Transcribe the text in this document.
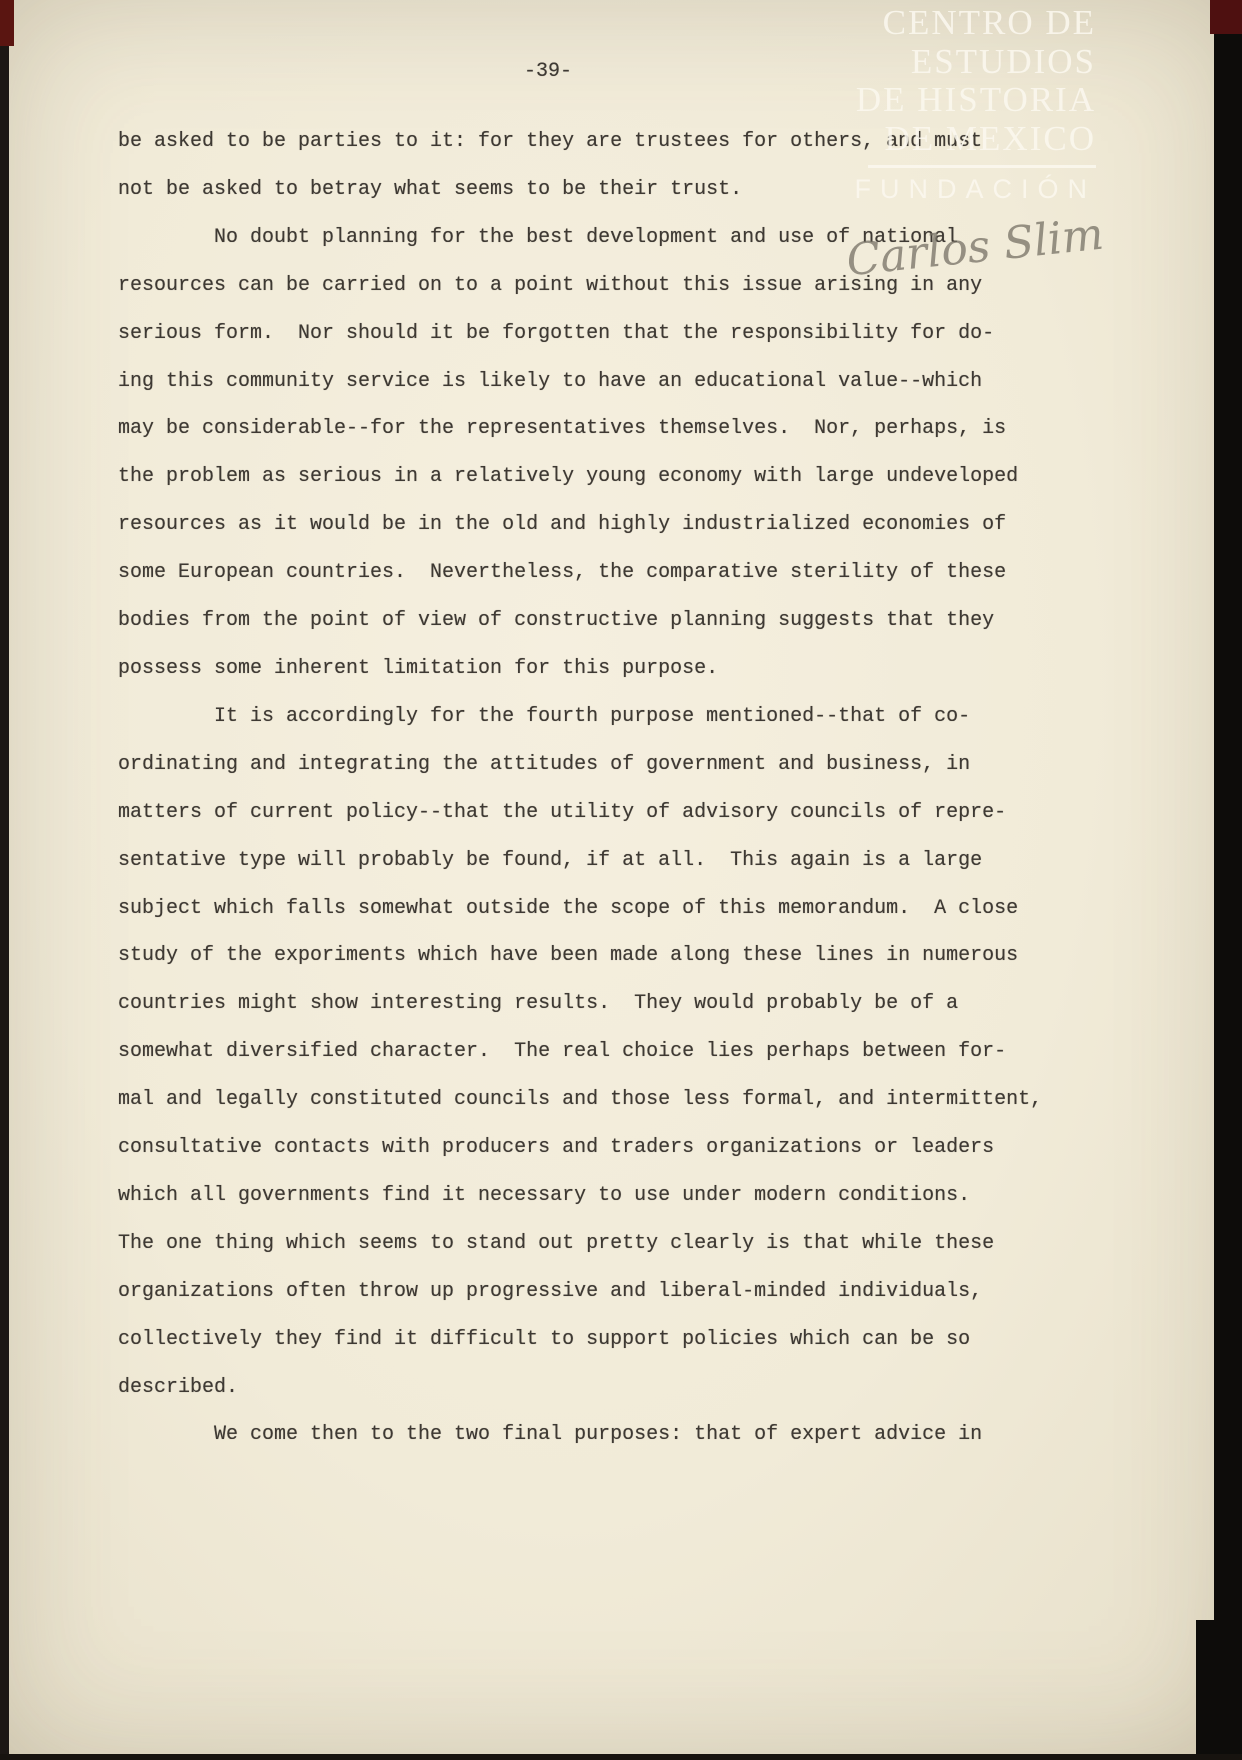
-39-
be asked to be parties to it: for they are trustees for others, and must
not be asked to betray what seems to be their trust.
No doubt planning for the best development and use of national
resources can be carried on to a point without this issue arising in any
serious form.  Nor should it be forgotten that the responsibility for do-
ing this community service is likely to have an educational value--which
may be considerable--for the representatives themselves.  Nor, perhaps, is
the problem as serious in a relatively young economy with large undeveloped
resources as it would be in the old and highly industrialized economies of
some European countries.  Nevertheless, the comparative sterility of these
bodies from the point of view of constructive planning suggests that they
possess some inherent limitation for this purpose.
It is accordingly for the fourth purpose mentioned--that of co-
ordinating and integrating the attitudes of government and business, in
matters of current policy--that the utility of advisory councils of repre-
sentative type will probably be found, if at all.  This again is a large
subject which falls somewhat outside the scope of this memorandum.  A close
study of the exporiments which have been made along these lines in numerous
countries might show interesting results.  They would probably be of a
somewhat diversified character.  The real choice lies perhaps between for-
mal and legally constituted councils and those less formal, and intermittent,
consultative contacts with producers and traders organizations or leaders
which all governments find it necessary to use under modern conditions.
The one thing which seems to stand out pretty clearly is that while these
organizations often throw up progressive and liberal-minded individuals,
collectively they find it difficult to support policies which can be so
described.
We come then to the two final purposes: that of expert advice in
CENTRO DE
ESTUDIOS
DE HISTORIA
DE MEXICO
FUNDACIÓN
Carlos Slim
